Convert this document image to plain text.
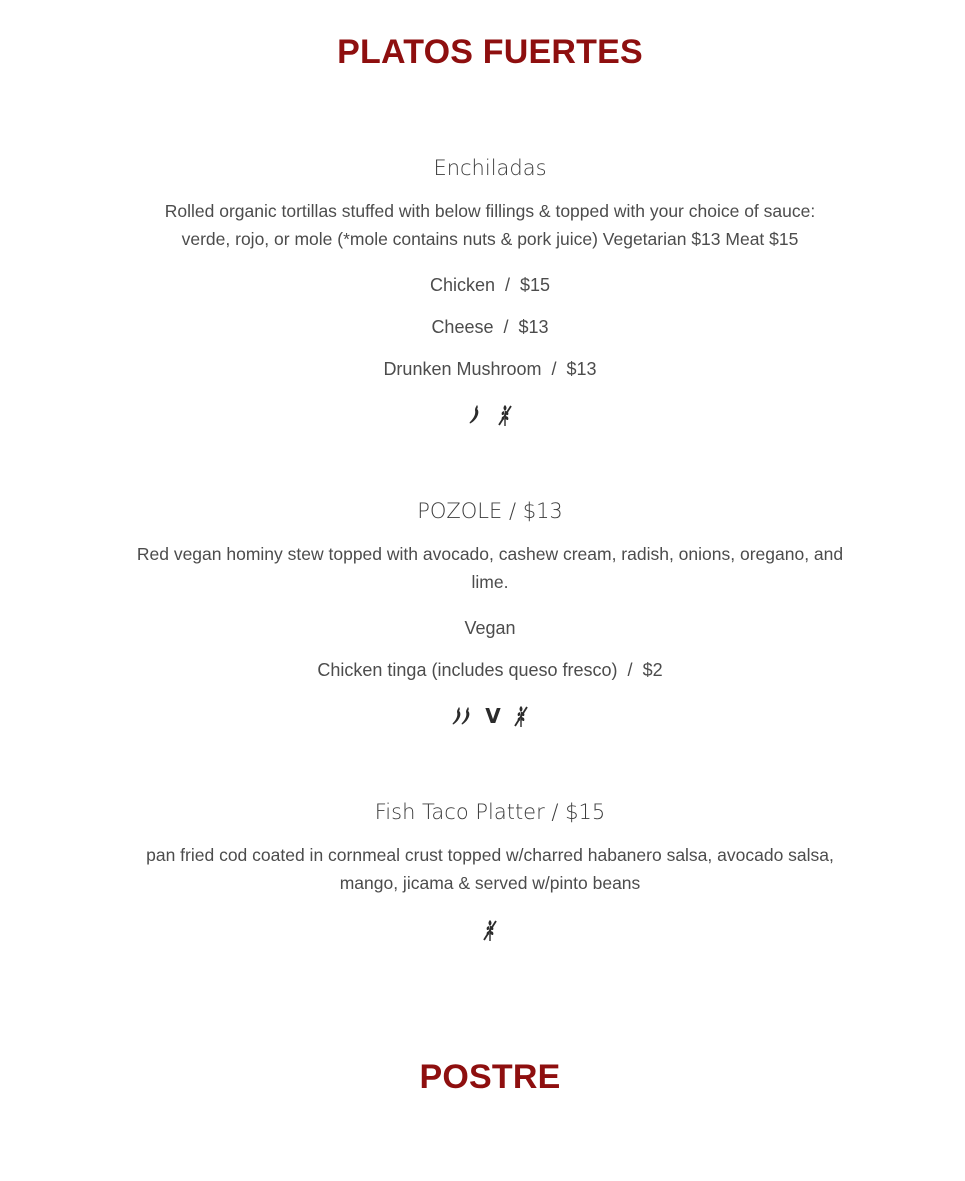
PLATOS FUERTES

Enchiladas

Rolled organic tortillas stuffed with below fillings & topped with your choice of sauce: verde, rojo, or mole (*mole contains nuts & pork juice) Vegetarian $13 Meat $15

Chicken / $15

Cheese / $13

Drunken Mushroom / $13

POZOLE / $13

Red vegan hominy stew topped with avocado, cashew cream, radish, onions, oregano, and lime.

Vegan

Chicken tinga (includes queso fresco) / $2

V

Fish Taco Platter / $15

pan fried cod coated in cornmeal crust topped w/charred habanero salsa, avocado salsa, mango, jicama & served w/pinto beans

POSTRE
